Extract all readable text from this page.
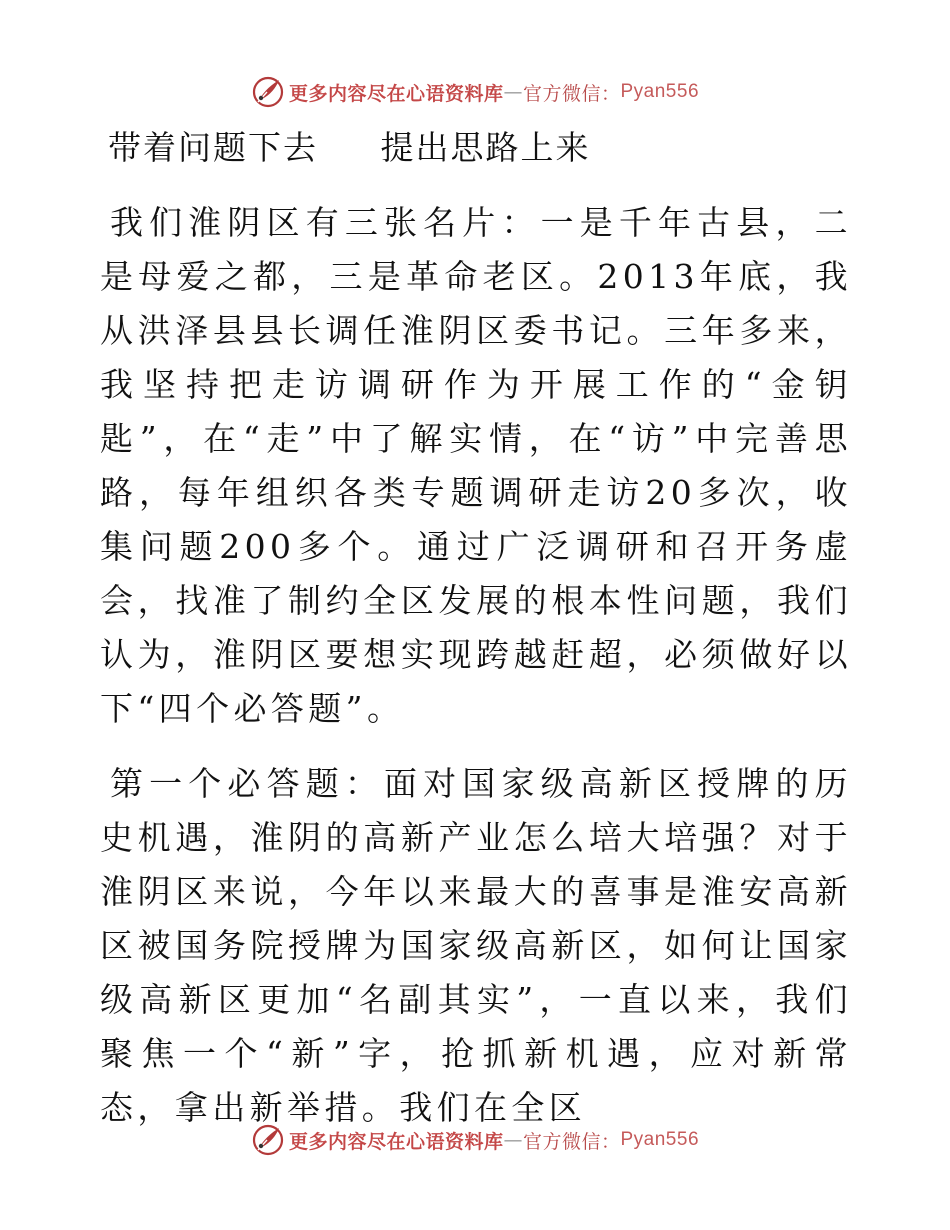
更多内容尽在心语资料库 — 官方微信： Pyan556
带着问题下去 提出思路上来

我们淮阴区有三张名片：一是千年古县，二是母爱之都，三是革命老区。2013年底，我从洪泽县县长调任淮阴区委书记。三年多来，我坚持把走访调研作为开展工作的“金钥匙”，在“走”中了解实情，在“访”中完善思路，每年组织各类专题调研走访20多次，收集问题200多个。通过广泛调研和召开务虚会，找准了制约全区发展的根本性问题，我们认为，淮阴区要想实现跨越赶超，必须做好以下“四个必答题”。

第一个必答题：面对国家级高新区授牌的历史机遇，淮阴的高新产业怎么培大培强？对于淮阴区来说，今年以来最大的喜事是淮安高新区被国务院授牌为国家级高新区，如何让国家级高新区更加“名副其实”，一直以来，我们聚焦一个“新”字，抢抓新机遇，应对新常态，拿出新举措。我们在全区

更多内容尽在心语资料库 — 官方微信： Pyan556
